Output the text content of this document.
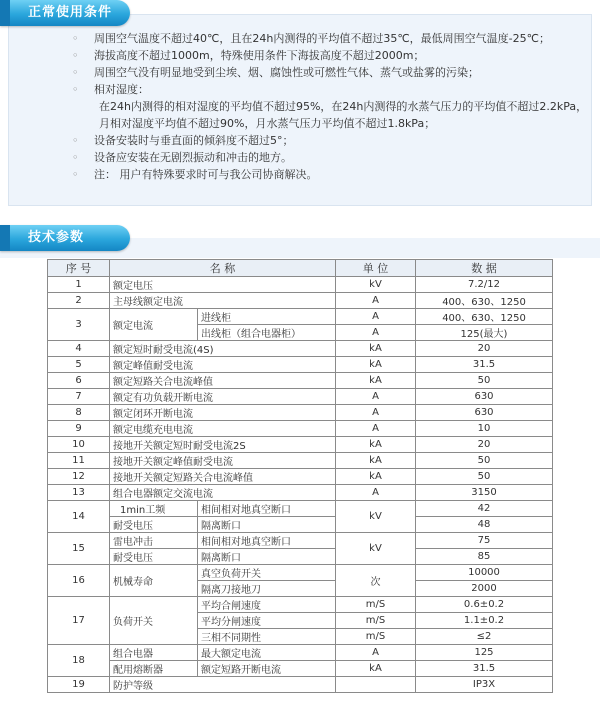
正常使用条件
◦ 周围空气温度不超过40℃，且在24h内测得的平均值不超过35℃，最低周围空气温度-25℃；
◦ 海拔高度不超过1000m，特殊使用条件下海拔高度不超过2000m；
◦ 周围空气没有明显地受到尘埃、烟、腐蚀性或可燃性气体、蒸气或盐雾的污染；
◦ 相对湿度：
在24h内测得的相对湿度的平均值不超过95%，在24h内测得的水蒸气压力的平均值不超过2.2kPa，
月相对湿度平均值不超过90%，月水蒸气压力平均值不超过1.8kPa；
◦ 设备安装时与垂直面的倾斜度不超过5°；
◦ 设备应安装在无剧烈振动和冲击的地方。
◦ 注： 用户有特殊要求时可与我公司协商解决。
技术参数
序 号	名 称		单 位	数 据
1	额定电压		kV	7.2/12
2	主母线额定电流		A	400、630、1250
3	额定电流	进线柜	A	400、630、1250
		出线柜（组合电器柜）	A	125(最大)
4	额定短时耐受电流(4S)		kA	20
5	额定峰值耐受电流		kA	31.5
6	额定短路关合电流峰值		kA	50
7	额定有功负载开断电流		A	630
8	额定闭环开断电流		A	630
9	额定电缆充电电流		A	10
10	接地开关额定短时耐受电流2S		kA	20
11	接地开关额定峰值耐受电流		kA	50
12	接地开关额定短路关合电流峰值		kA	50
13	组合电器额定交流电流		A	3150
14	1min工频	相间相对地真空断口	kV	42
	耐受电压	隔离断口		48
15	雷电冲击	相间相对地真空断口	kV	75
	耐受电压	隔离断口		85
16	机械寿命	真空负荷开关	次	10000
		隔离刀接地刀		2000
17	负荷开关	平均合闸速度	m/S	0.6±0.2
		平均分闸速度	m/S	1.1±0.2
		三相不同期性	m/S	≤2
18	组合电器	最大额定电流	A	125
	配用熔断器	额定短路开断电流	kA	31.5
19	防护等级			IP3X
